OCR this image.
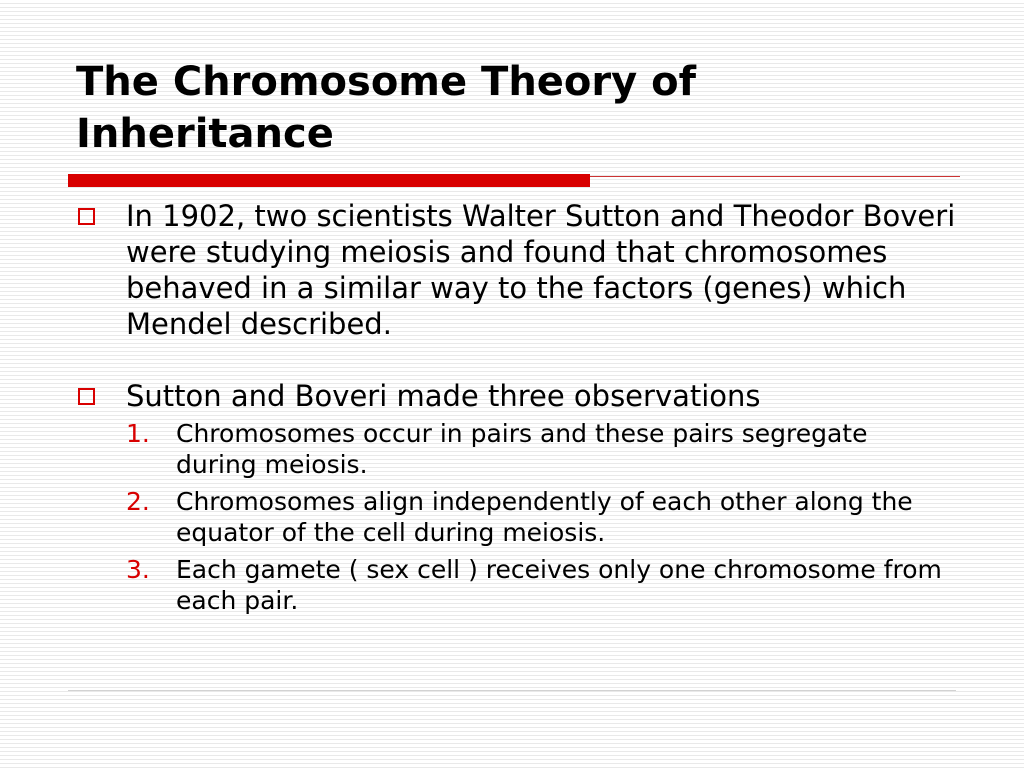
The Chromosome Theory of Inheritance
In 1902, two scientists Walter Sutton and Theodor Boveri were studying meiosis and found that chromosomes behaved in a similar way to the factors (genes) which Mendel described.
Sutton and Boveri made three observations
1. Chromosomes occur in pairs and these pairs segregate during meiosis.
2. Chromosomes align independently of each other along the equator of the cell during meiosis.
3. Each gamete ( sex cell ) receives only one chromosome from each pair.
